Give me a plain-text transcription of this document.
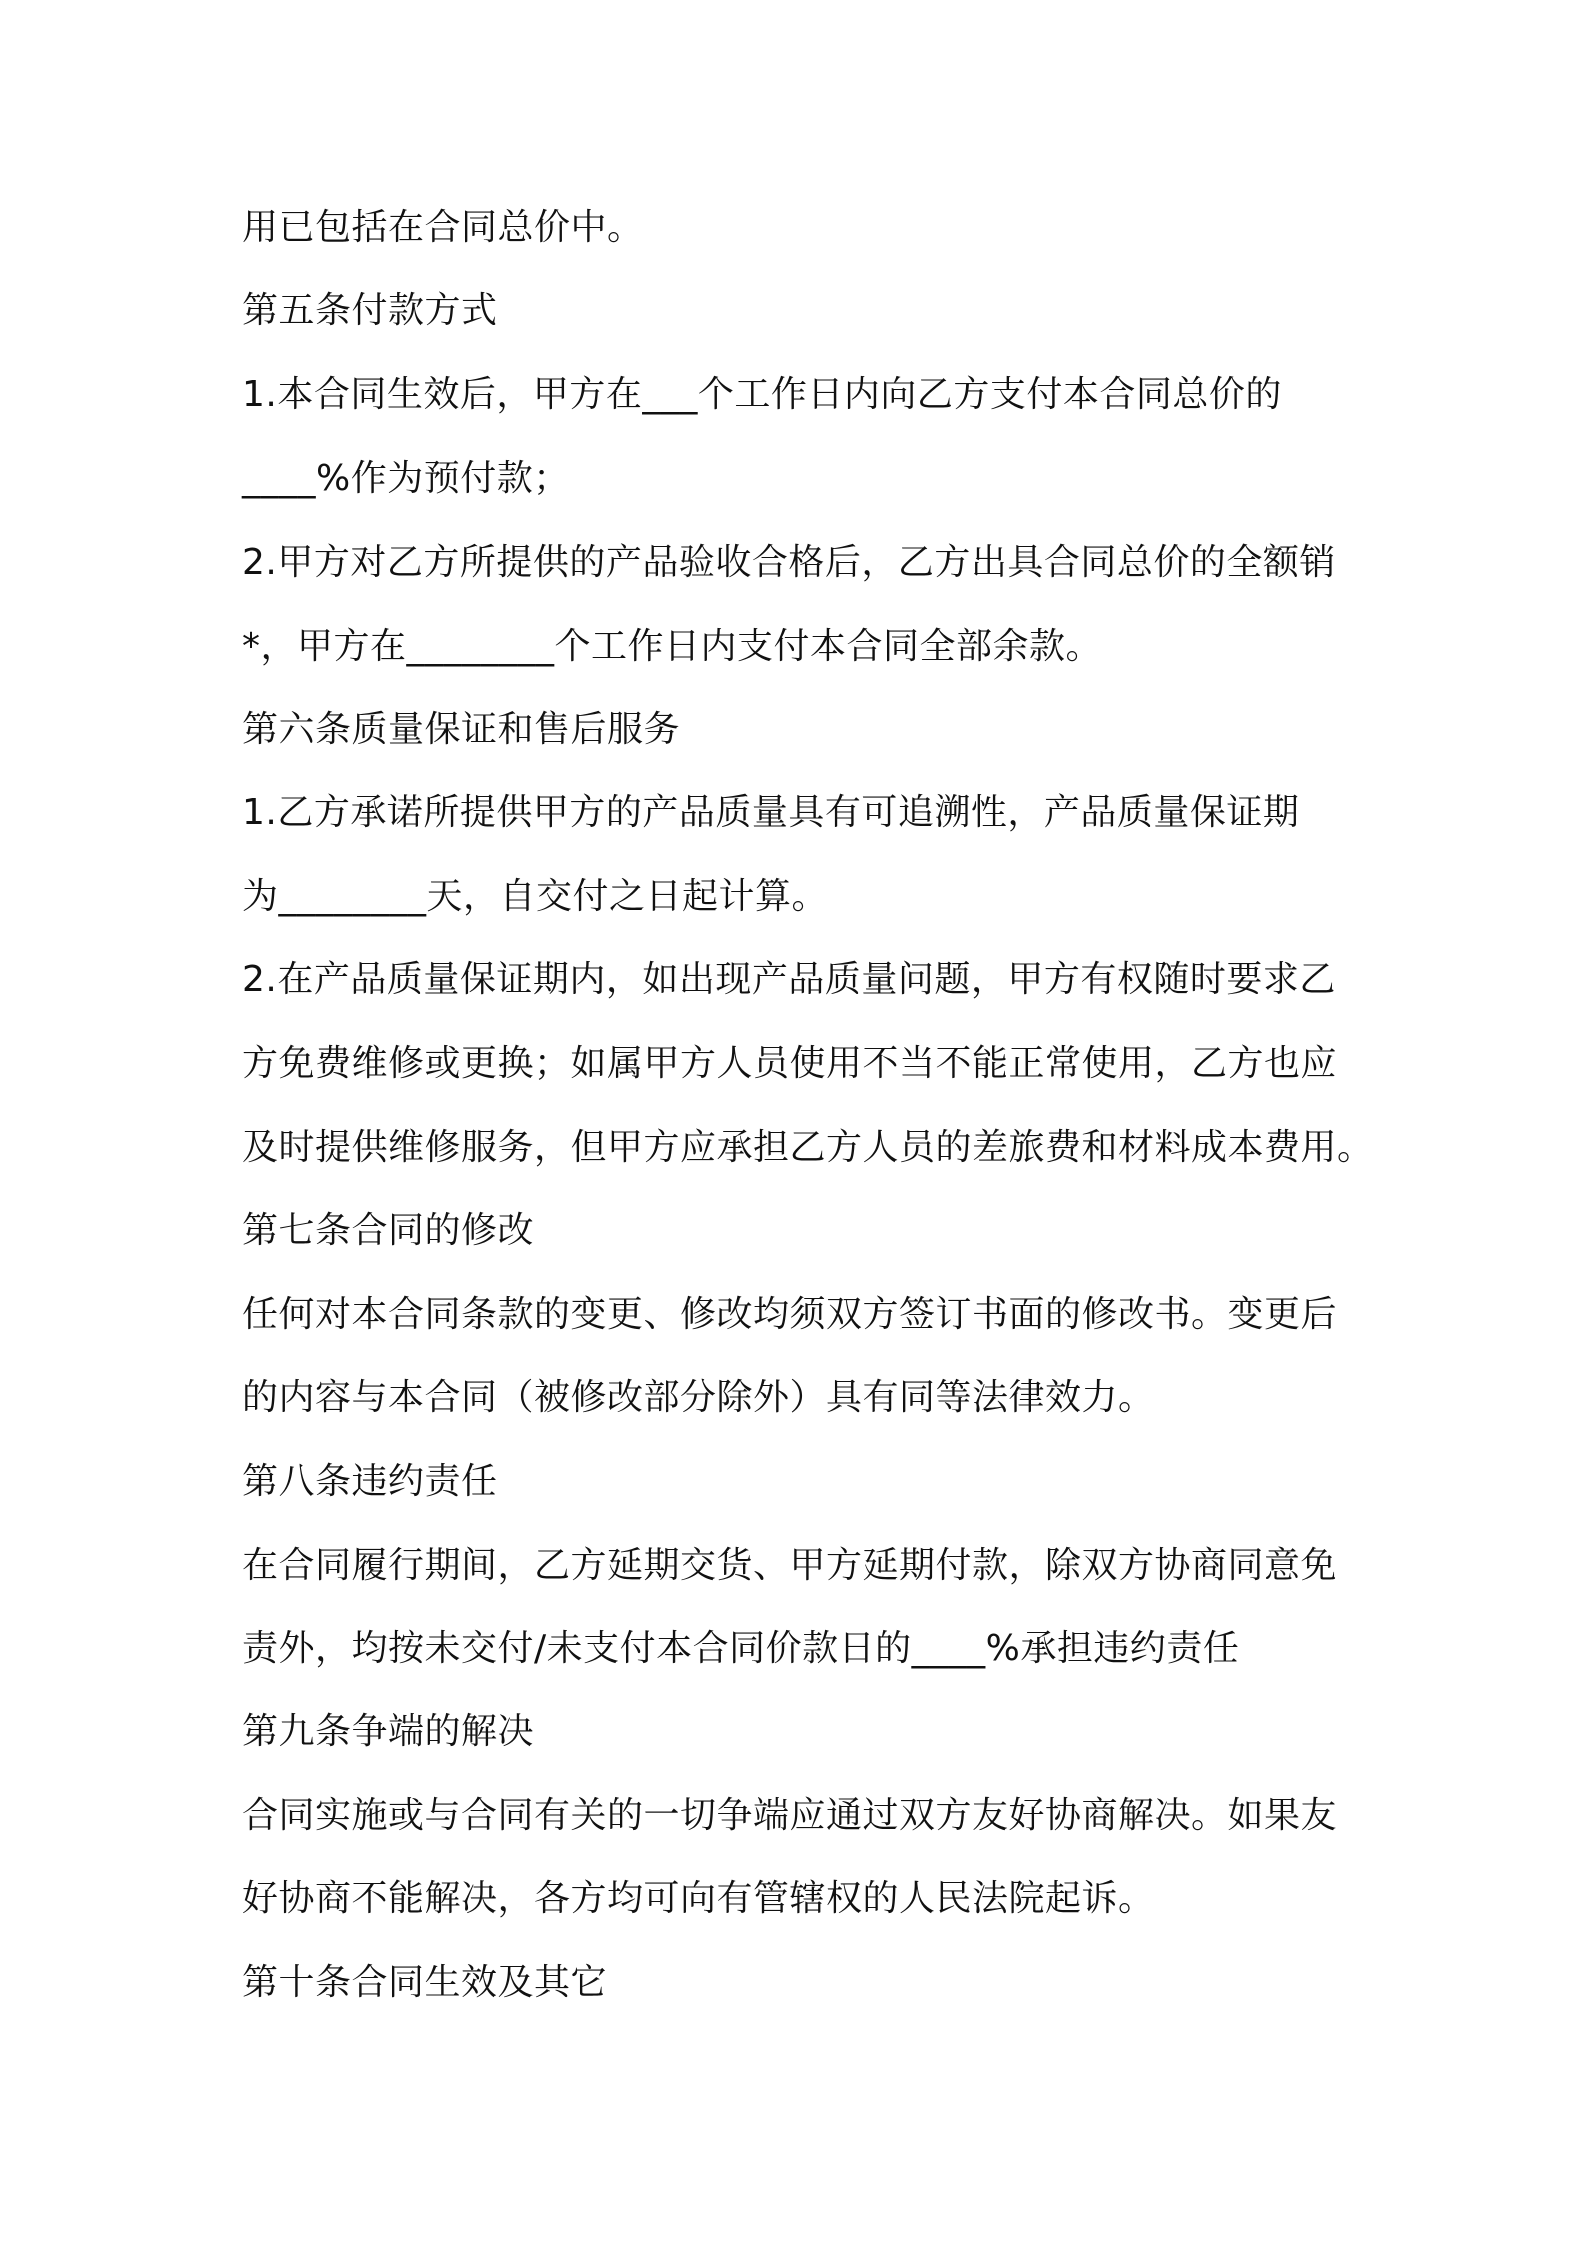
用已包括在合同总价中。
第五条付款方式
1.本合同生效后，甲方在___个工作日内向乙方支付本合同总价的
____%作为预付款；
2.甲方对乙方所提供的产品验收合格后，乙方出具合同总价的全额销
*，甲方在________个工作日内支付本合同全部余款。
第六条质量保证和售后服务
1.乙方承诺所提供甲方的产品质量具有可追溯性，产品质量保证期
为________天，自交付之日起计算。
2.在产品质量保证期内，如出现产品质量问题，甲方有权随时要求乙
方免费维修或更换；如属甲方人员使用不当不能正常使用，乙方也应
及时提供维修服务，但甲方应承担乙方人员的差旅费和材料成本费用。
第七条合同的修改
任何对本合同条款的变更、修改均须双方签订书面的修改书。变更后
的内容与本合同（被修改部分除外）具有同等法律效力。
第八条违约责任
在合同履行期间，乙方延期交货、甲方延期付款，除双方协商同意免
责外，均按未交付/未支付本合同价款日的____%承担违约责任
第九条争端的解决
合同实施或与合同有关的一切争端应通过双方友好协商解决。如果友
好协商不能解决，各方均可向有管辖权的人民法院起诉。
第十条合同生效及其它
